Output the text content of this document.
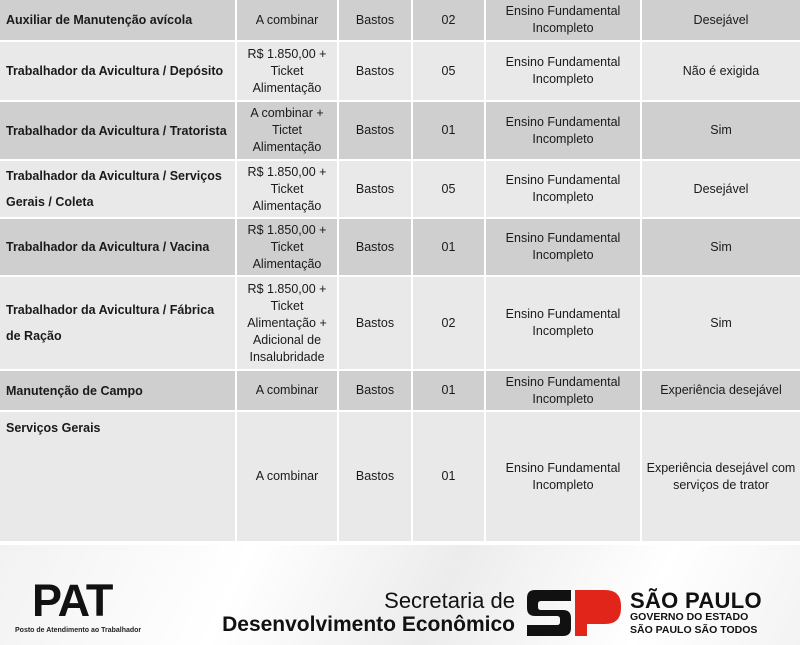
Auxiliar de Manutenção avícola	A combinar	Bastos	02	Ensino Fundamental Incompleto	Desejável
Trabalhador da Avicultura / Depósito	R$ 1.850,00 + Ticket Alimentação	Bastos	05	Ensino Fundamental Incompleto	Não é exigida
Trabalhador da Avicultura / Tratorista	A combinar + Tictet Alimentação	Bastos	01	Ensino Fundamental Incompleto	Sim
Trabalhador da Avicultura / Serviços Gerais / Coleta	R$ 1.850,00 + Ticket Alimentação	Bastos	05	Ensino Fundamental Incompleto	Desejável
Trabalhador da Avicultura / Vacina	R$ 1.850,00 + Ticket Alimentação	Bastos	01	Ensino Fundamental Incompleto	Sim
Trabalhador da Avicultura / Fábrica de Ração	R$ 1.850,00 + Ticket Alimentação + Adicional de Insalubridade	Bastos	02	Ensino Fundamental Incompleto	Sim
Manutenção de Campo	A combinar	Bastos	01	Ensino Fundamental Incompleto	Experiência desejável
Serviços Gerais	A combinar	Bastos	01	Ensino Fundamental Incompleto	Experiência desejável com serviços de trator
PAT
Posto de Atendimento ao Trabalhador
Secretaria de
Desenvolvimento Econômico
SÃO PAULO
GOVERNO DO ESTADO
SÃO PAULO SÃO TODOS
